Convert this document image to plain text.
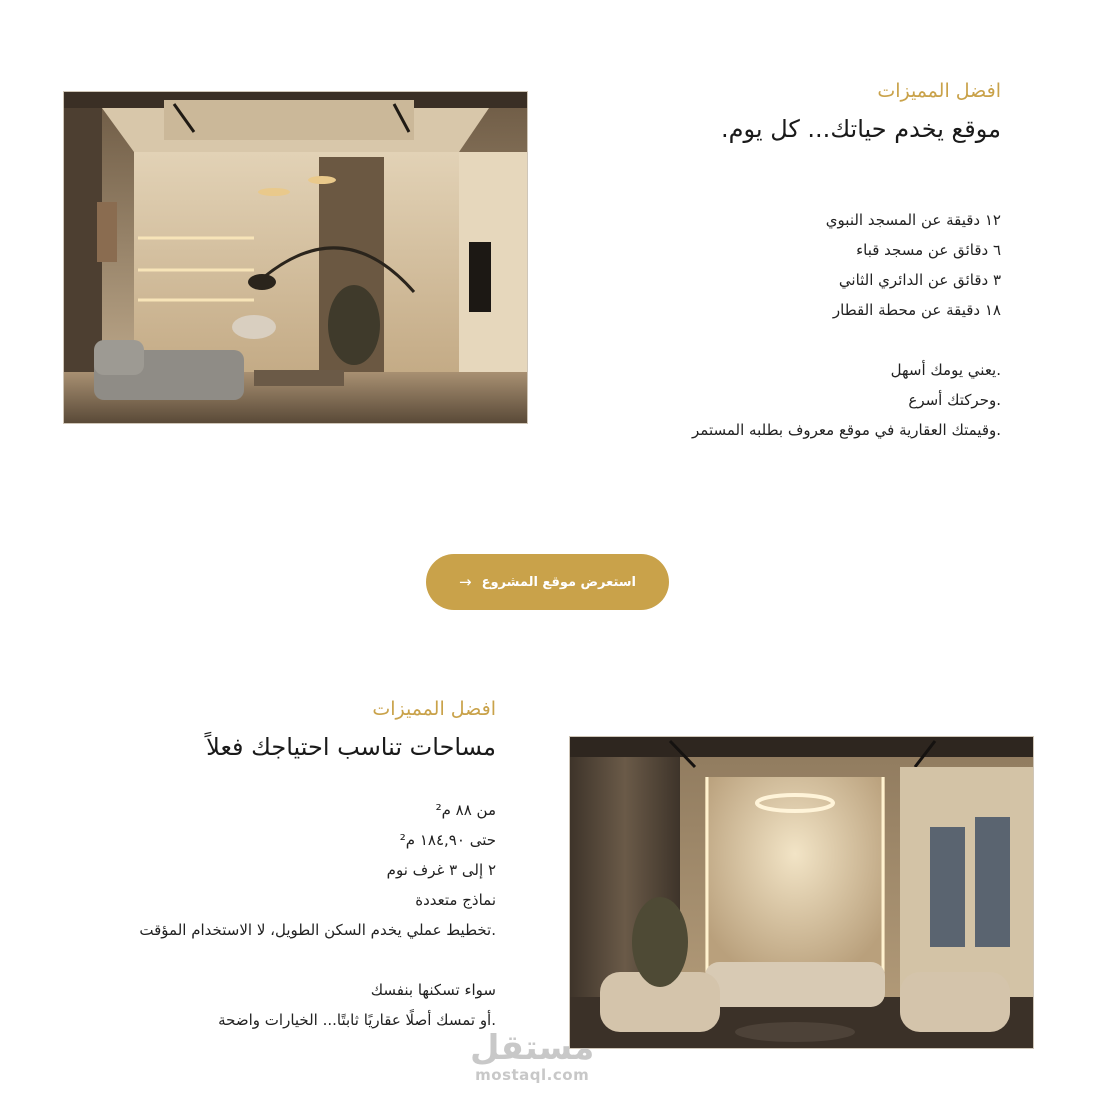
افضل المميزات
موقع يخدم حياتك... كل يوم.
١٢ دقيقة عن المسجد النبوي
٦ دقائق عن مسجد قباء
٣ دقائق عن الدائري الثاني
١٨ دقيقة عن محطة القطار
.يعني يومك أسهل
.وحركتك أسرع
.وقيمتك العقارية في موقع معروف بطلبه المستمر
استعرض موقع المشروع
→
افضل المميزات
مساحات تناسب احتياجك فعلاً
من ٨٨ م²
حتى ١٨٤,٩٠ م²
٢ إلى ٣ غرف نوم
نماذج متعددة
.تخطيط عملي يخدم السكن الطويل، لا الاستخدام المؤقت
سواء تسكنها بنفسك
.أو تمسك أصلًا عقاريًا ثابتًا... الخيارات واضحة
مستقل
mostaql.com
